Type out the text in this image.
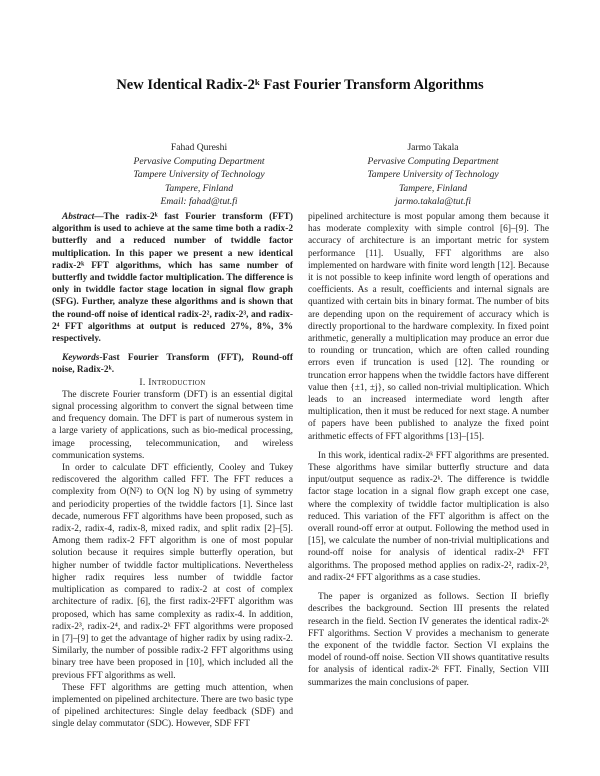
New Identical Radix-2ᵏ Fast Fourier Transform Algorithms
Fahad Qureshi
Pervasive Computing Department
Tampere University of Technology
Tampere, Finland
Email: fahad@tut.fi
Jarmo Takala
Pervasive Computing Department
Tampere University of Technology
Tampere, Finland
jarmo.takala@tut.fi

Abstract—The radix-2ᵏ fast Fourier transform (FFT) algorithm is used to achieve at the same time both a radix-2 butterfly and a reduced number of twiddle factor multiplication. In this paper we present a new identical radix-2ᵏ FFT algorithms, which has same number of butterfly and twiddle factor multiplication. The difference is only in twiddle factor stage location in signal flow graph (SFG). Further, analyze these algorithms and is shown that the round-off noise of identical radix-2², radix-2³, and radix-2⁴ FFT algorithms at output is reduced 27%, 8%, 3% respectively.

Keywords-Fast Fourier Transform (FFT), Round-off noise, Radix-2ᵏ.

I. Introduction

The discrete Fourier transform (DFT) is an essential digital signal processing algorithm to convert the signal between time and frequency domain. The DFT is part of numerous system in a large variety of applications, such as bio-medical processing, image processing, telecommunication, and wireless communication systems.

In order to calculate DFT efficiently, Cooley and Tukey rediscovered the algorithm called FFT. The FFT reduces a complexity from O(N²) to O(N log N) by using of symmetry and periodicity properties of the twiddle factors [1]. Since last decade, numerous FFT algorithms have been proposed, such as radix-2, radix-4, radix-8, mixed radix, and split radix [2]–[5]. Among them radix-2 FFT algorithm is one of most popular solution because it requires simple butterfly operation, but higher number of twiddle factor multiplications. Nevertheless higher radix requires less number of twiddle factor multiplication as compared to radix-2 at cost of complex architecture of radix. [6], the first radix-2²FFT algorithm was proposed, which has same complexity as radix-4. In addition, radix-2³, radix-2⁴, and radix-2ᵏ FFT algorithms were proposed in [7]–[9] to get the advantage of higher radix by using radix-2. Similarly, the number of possible radix-2 FFT algorithms using binary tree have been proposed in [10], which included all the previous FFT algorithms as well.

These FFT algorithms are getting much attention, when implemented on pipelined architecture. There are two basic type of pipelined architectures: Single delay feedback (SDF) and single delay commutator (SDC). However, SDF FFT

pipelined architecture is most popular among them because it has moderate complexity with simple control [6]–[9]. The accuracy of architecture is an important metric for system performance [11]. Usually, FFT algorithms are also implemented on hardware with finite word length [12]. Because it is not possible to keep infinite word length of operations and coefficients. As a result, coefficients and internal signals are quantized with certain bits in binary format. The number of bits are depending upon on the requirement of accuracy which is directly proportional to the hardware complexity. In fixed point arithmetic, generally a multiplication may produce an error due to rounding or truncation, which are often called rounding errors even if truncation is used [12]. The rounding or truncation error happens when the twiddle factors have different value then {±1, ±j}, so called non-trivial multiplication. Which leads to an increased intermediate word length after multiplication, then it must be reduced for next stage. A number of papers have been published to analyze the fixed point arithmetic effects of FFT algorithms [13]–[15].

In this work, identical radix-2ᵏ FFT algorithms are presented. These algorithms have similar butterfly structure and data input/output sequence as radix-2ᵏ. The difference is twiddle factor stage location in a signal flow graph except one case, where the complexity of twiddle factor multiplication is also reduced. This variation of the FFT algorithm is affect on the overall round-off error at output. Following the method used in [15], we calculate the number of non-trivial multiplications and round-off noise for analysis of identical radix-2ᵏ FFT algorithms. The proposed method applies on radix-2², radix-2³, and radix-2⁴ FFT algorithms as a case studies.

The paper is organized as follows. Section II briefly describes the background. Section III presents the related research in the field. Section IV generates the identical radix-2ᵏ FFT algorithms. Section V provides a mechanism to generate the exponent of the twiddle factor. Section VI explains the model of round-off noise. Section VII shows quantitative results for analysis of identical radix-2ᵏ FFT. Finally, Section VIII summarizes the main conclusions of paper.
